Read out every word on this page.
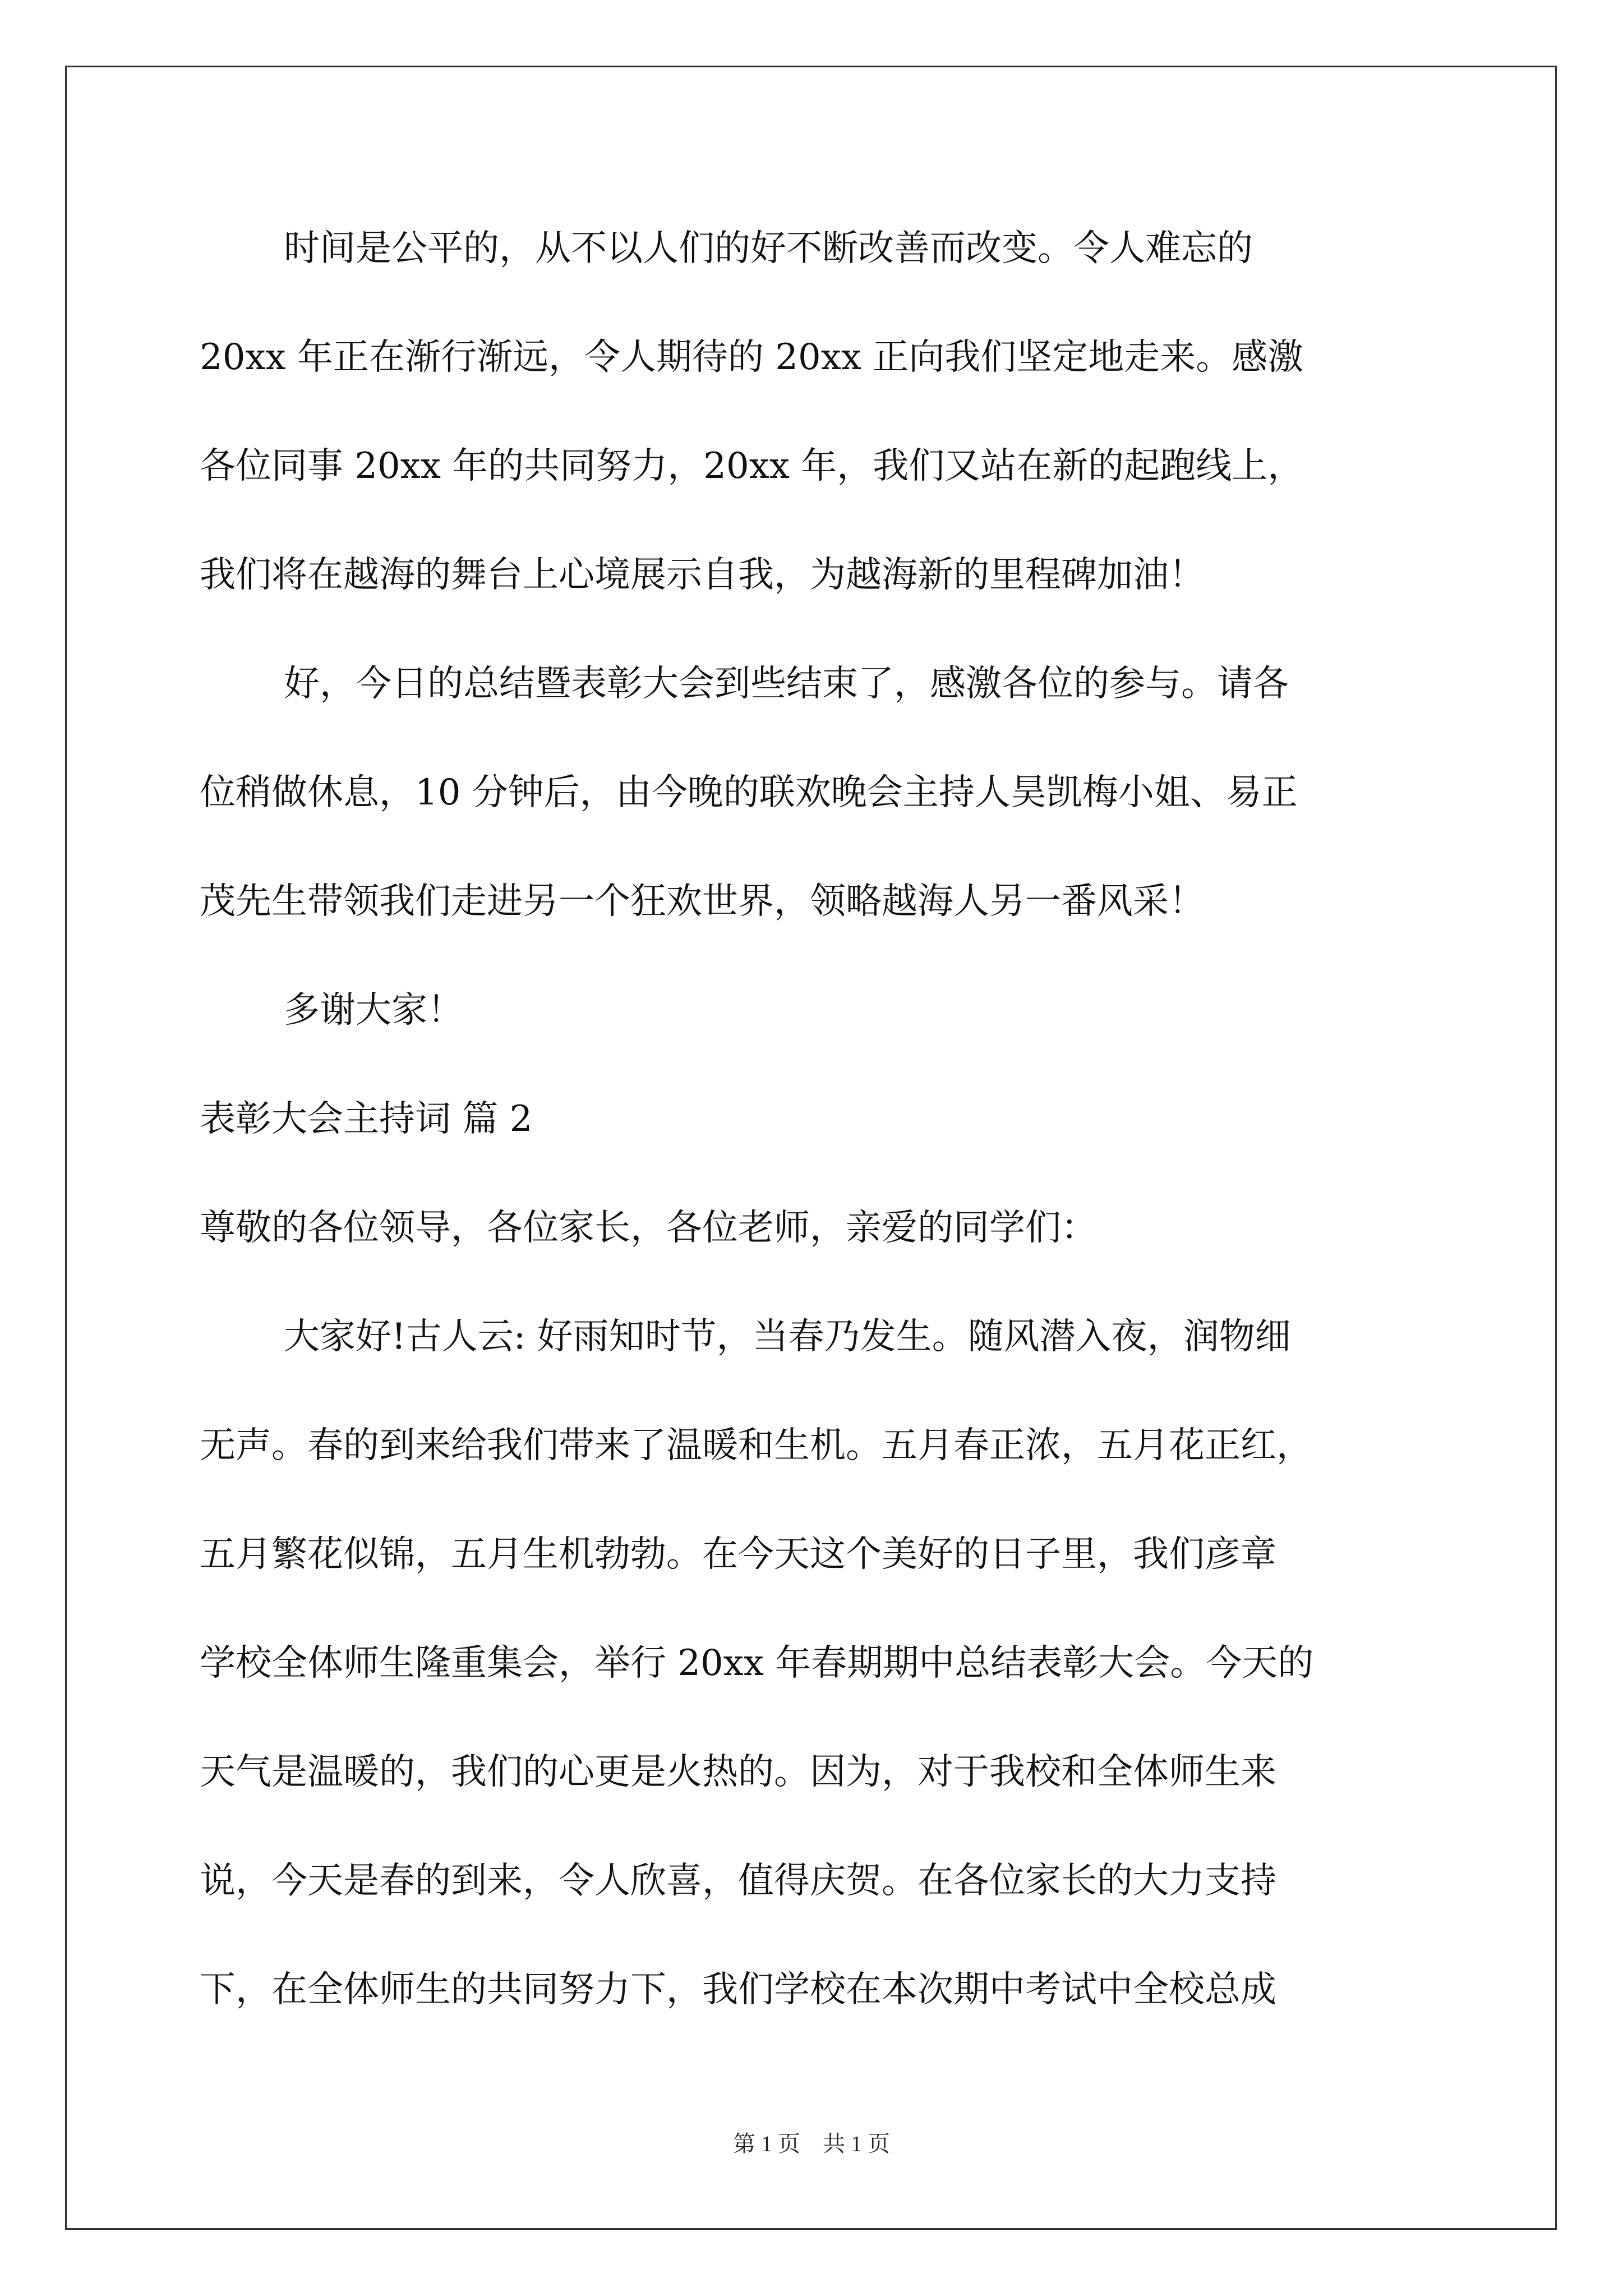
时间是公平的，从不以人们的好不断改善而改变。令人难忘的
20xx 年正在渐行渐远，令人期待的 20xx 正向我们坚定地走来。感激
各位同事 20xx 年的共同努力，20xx 年，我们又站在新的起跑线上，
我们将在越海的舞台上心境展示自我，为越海新的里程碑加油！
好，今日的总结暨表彰大会到些结束了，感激各位的参与。请各
位稍做休息，10 分钟后，由今晚的联欢晚会主持人昊凯梅小姐、易正
茂先生带领我们走进另一个狂欢世界，领略越海人另一番风采！
多谢大家！
表彰大会主持词 篇 2
尊敬的各位领导，各位家长，各位老师，亲爱的同学们：
大家好!古人云: 好雨知时节，当春乃发生。随风潜入夜，润物细
无声。春的到来给我们带来了温暖和生机。五月春正浓，五月花正红，
五月繁花似锦，五月生机勃勃。在今天这个美好的日子里，我们彦章
学校全体师生隆重集会，举行 20xx 年春期期中总结表彰大会。今天的
天气是温暖的，我们的心更是火热的。因为，对于我校和全体师生来
说，今天是春的到来，令人欣喜，值得庆贺。在各位家长的大力支持
下，在全体师生的共同努力下，我们学校在本次期中考试中全校总成
第 1 页　共 1 页
